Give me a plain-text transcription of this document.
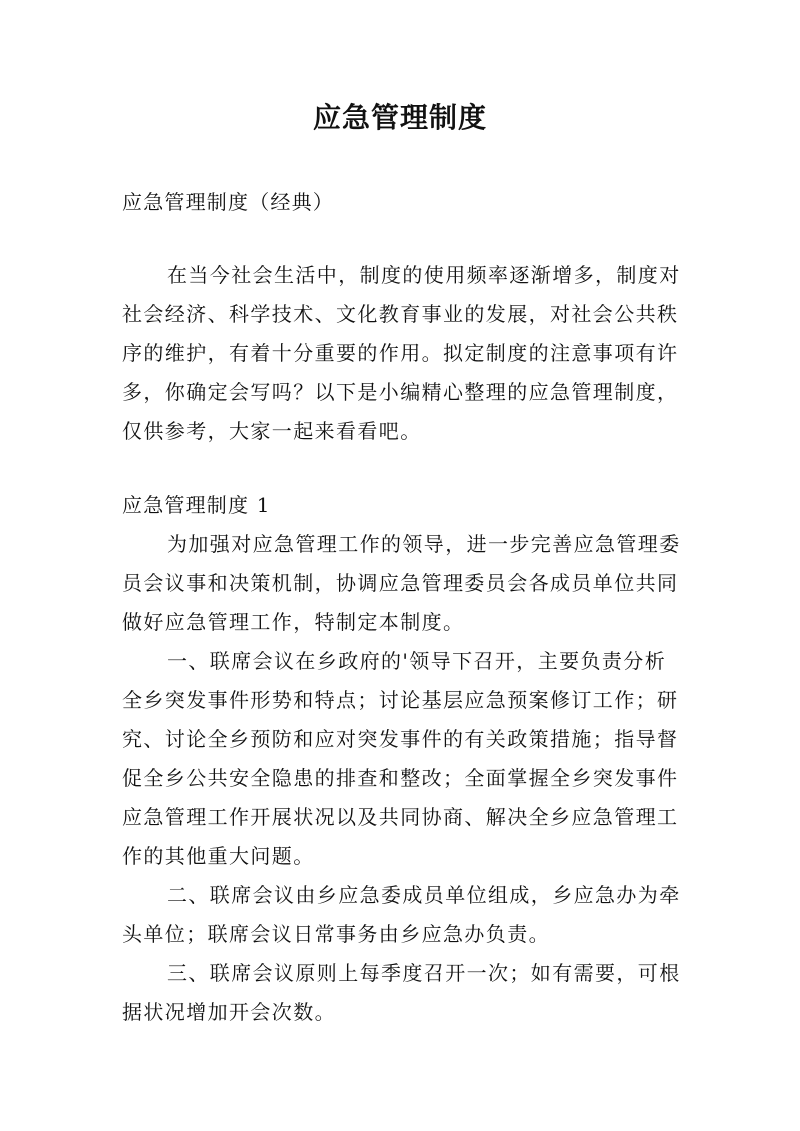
应急管理制度
应急管理制度（经典）
在当今社会生活中，制度的使用频率逐渐增多，制度对
社会经济、科学技术、文化教育事业的发展，对社会公共秩
序的维护，有着十分重要的作用。拟定制度的注意事项有许
多，你确定会写吗？以下是小编精心整理的应急管理制度，
仅供参考，大家一起来看看吧。
应急管理制度 1
为加强对应急管理工作的领导，进一步完善应急管理委
员会议事和决策机制，协调应急管理委员会各成员单位共同
做好应急管理工作，特制定本制度。
一、联席会议在乡政府的'领导下召开，主要负责分析
全乡突发事件形势和特点；讨论基层应急预案修订工作；研
究、讨论全乡预防和应对突发事件的有关政策措施；指导督
促全乡公共安全隐患的排查和整改；全面掌握全乡突发事件
应急管理工作开展状况以及共同协商、解决全乡应急管理工
作的其他重大问题。
二、联席会议由乡应急委成员单位组成，乡应急办为牵
头单位；联席会议日常事务由乡应急办负责。
三、联席会议原则上每季度召开一次；如有需要，可根
据状况增加开会次数。
